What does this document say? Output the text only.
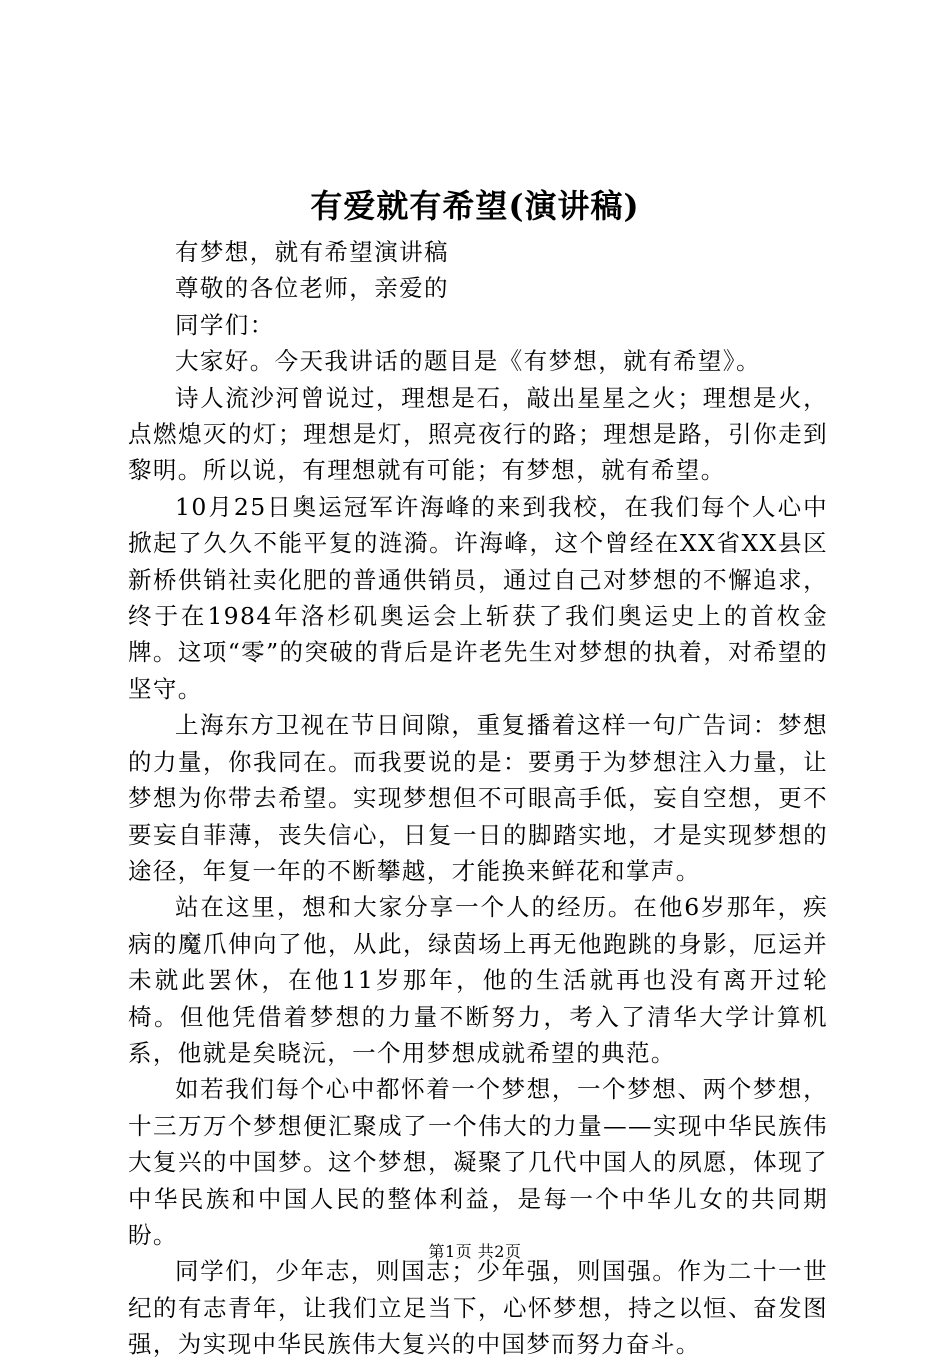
有爱就有希望(演讲稿)

有梦想，就有希望演讲稿

尊敬的各位老师，亲爱的

同学们：

大家好。今天我讲话的题目是《有梦想，就有希望》。

诗人流沙河曾说过，理想是石，敲出星星之火；理想是火，点燃熄灭的灯；理想是灯，照亮夜行的路；理想是路，引你走到黎明。所以说，有理想就有可能；有梦想，就有希望。

10月25日奥运冠军许海峰的来到我校，在我们每个人心中掀起了久久不能平复的涟漪。许海峰，这个曾经在XX省XX县区新桥供销社卖化肥的普通供销员，通过自己对梦想的不懈追求，终于在1984年洛杉矶奥运会上斩获了我们奥运史上的首枚金牌。这项“零”的突破的背后是许老先生对梦想的执着，对希望的坚守。

上海东方卫视在节日间隙，重复播着这样一句广告词：梦想的力量，你我同在。而我要说的是：要勇于为梦想注入力量，让梦想为你带去希望。实现梦想但不可眼高手低，妄自空想，更不要妄自菲薄，丧失信心，日复一日的脚踏实地，才是实现梦想的途径，年复一年的不断攀越，才能换来鲜花和掌声。

站在这里，想和大家分享一个人的经历。在他6岁那年，疾病的魔爪伸向了他，从此，绿茵场上再无他跑跳的身影，厄运并未就此罢休，在他11岁那年，他的生活就再也没有离开过轮椅。但他凭借着梦想的力量不断努力，考入了清华大学计算机系，他就是矣晓沅，一个用梦想成就希望的典范。

如若我们每个心中都怀着一个梦想，一个梦想、两个梦想，十三万万个梦想便汇聚成了一个伟大的力量——实现中华民族伟大复兴的中国梦。这个梦想，凝聚了几代中国人的夙愿，体现了中华民族和中国人民的整体利益，是每一个中华儿女的共同期盼。

同学们，少年志，则国志；少年强，则国强。作为二十一世纪的有志青年，让我们立足当下，心怀梦想，持之以恒、奋发图强，为实现中华民族伟大复兴的中国梦而努力奋斗。

第1页 共2页
